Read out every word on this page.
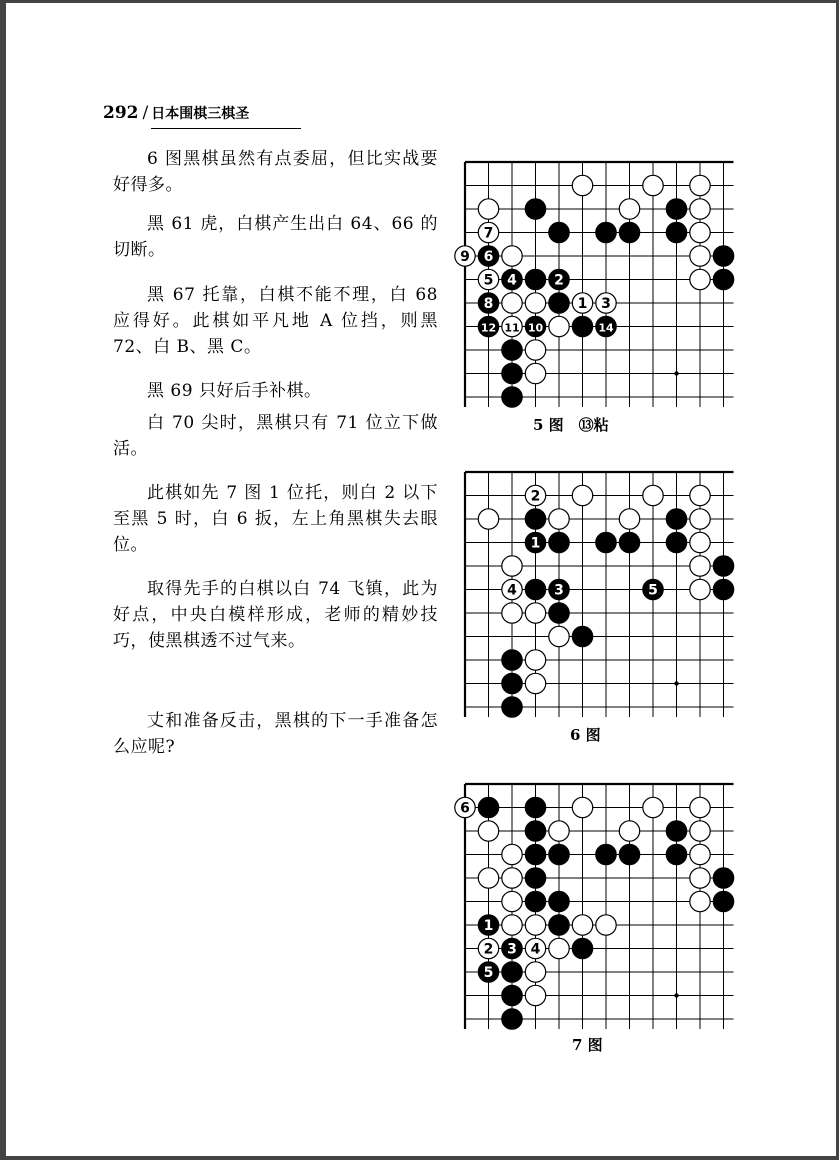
292 / 日本围棋三棋圣
6 图黑棋虽然有点委屈，但比实战要好得多。
黑 61 虎，白棋产生出白 64、66 的切断。
黑 67 托靠，白棋不能不理，白 68 应得好。此棋如平凡地 A 位挡，则黑 72、白 B、黑 C。
黑 69 只好后手补棋。
白 70 尖时，黑棋只有 71 位立下做活。
此棋如先 7 图 1 位托，则白 2 以下至黑 5 时，白 6 扳，左上角黑棋失去眼位。
取得先手的白棋以白 74 飞镇，此为好点，中央白模样形成，老师的精妙技巧，使黑棋透不过气来。
丈和准备反击，黑棋的下一手准备怎么应呢?
7
9 6
5 4	2
8	1 3
12 11 10	14
5 图　⑬粘
2
1
4	3	5
6 图
6
1
2 3 4
5
7 图
